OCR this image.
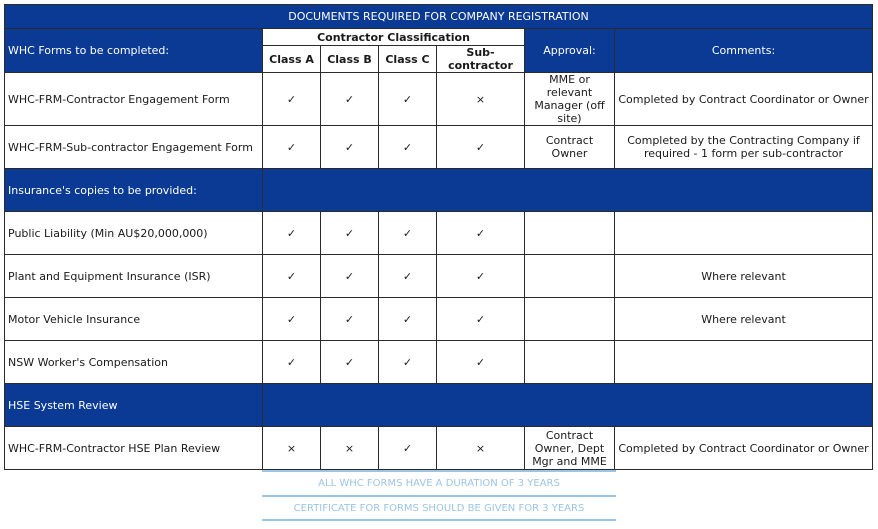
DOCUMENTS REQUIRED FOR COMPANY REGISTRATION						
WHC Forms to be completed:	Contractor Classification				Approval:	Comments:
	Class A	Class B	Class C	Sub-contractor		
WHC-FRM-Contractor Engagement Form	✓	✓	✓	×	MME or relevant Manager (off site)	Completed by Contract Coordinator or Owner
WHC-FRM-Sub-contractor Engagement Form	✓	✓	✓	✓	Contract Owner	Completed by the Contracting Company if required - 1 form per sub-contractor
Insurance's copies to be provided:						
Public Liability (Min AU$20,000,000)	✓	✓	✓	✓		
Plant and Equipment Insurance (ISR)	✓	✓	✓	✓		Where relevant
Motor Vehicle Insurance	✓	✓	✓	✓		Where relevant
NSW Worker's Compensation	✓	✓	✓	✓		
HSE System Review						
WHC-FRM-Contractor HSE Plan Review	×	×	✓	×	Contract Owner, Dept Mgr and MME	Completed by Contract Coordinator or Owner
ALL WHC FORMS HAVE A DURATION OF 3 YEARS
CERTIFICATE FOR FORMS SHOULD BE GIVEN FOR 3 YEARS
